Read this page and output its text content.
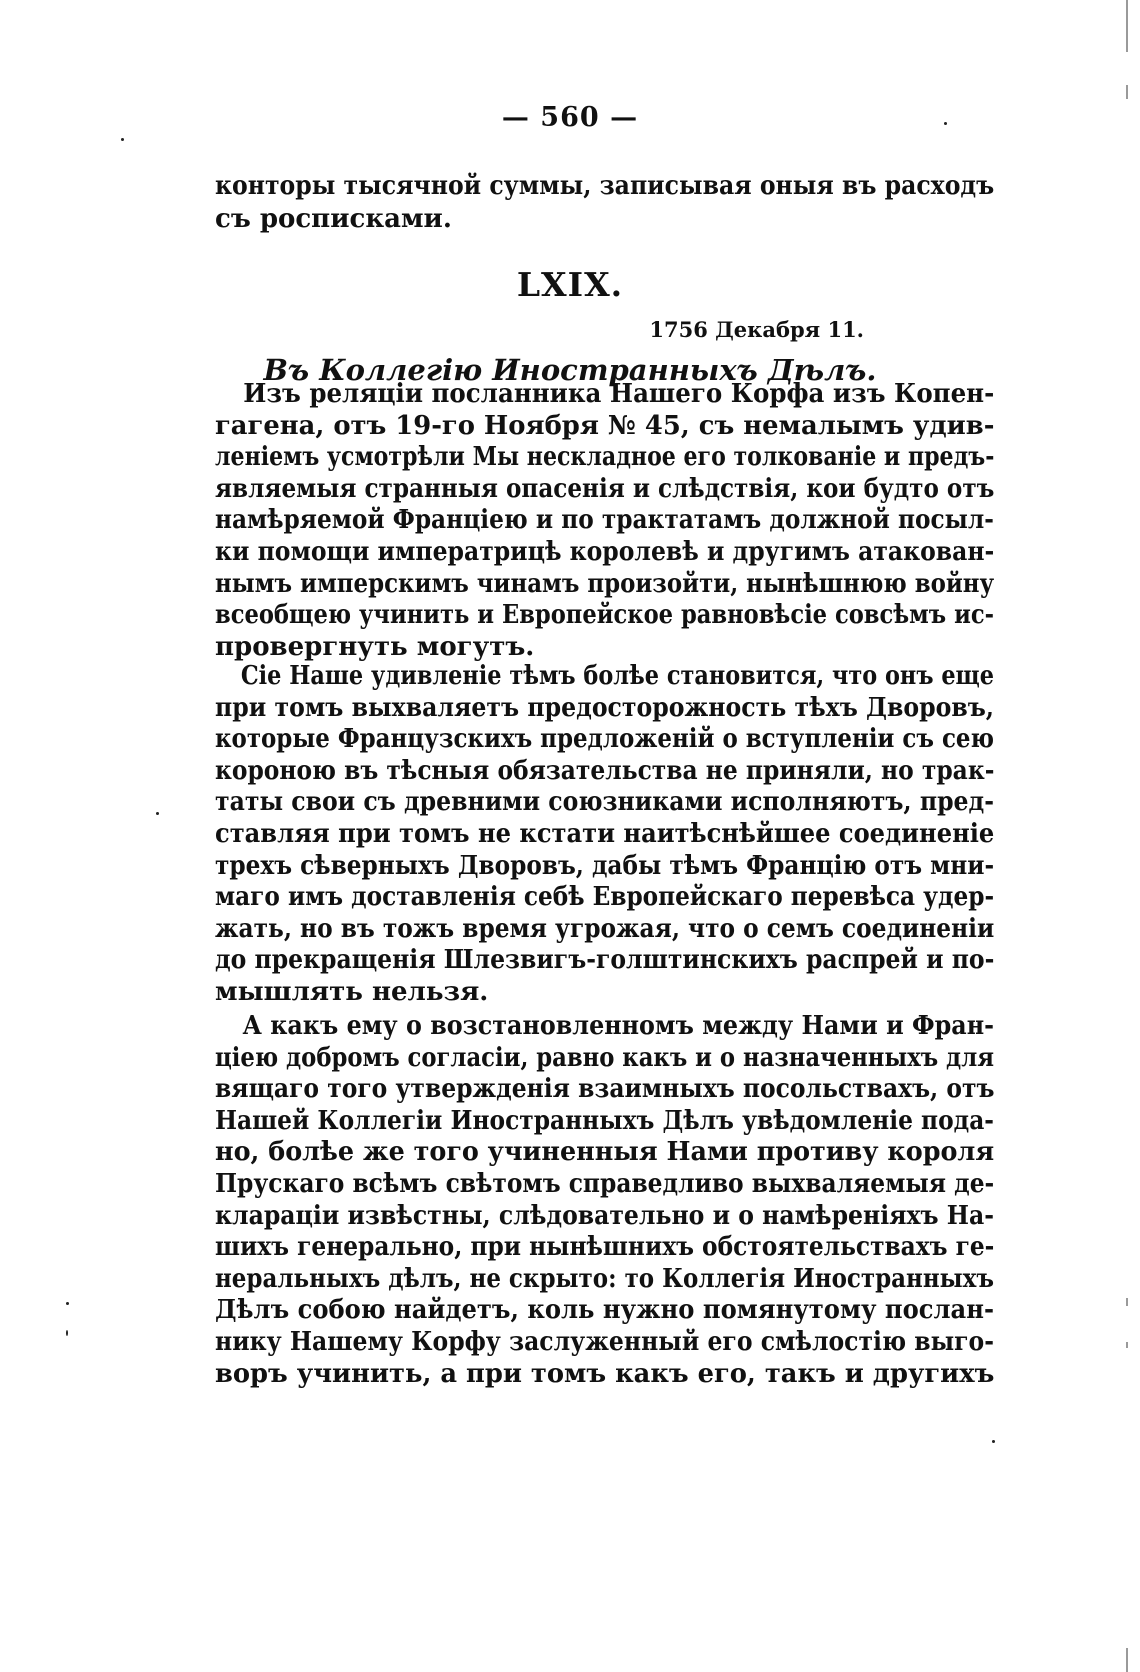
— 560 —
конторы тысячной суммы, записывая оныя въ расходъ
съ росписками.
LXIX.
1756 Декабря 11.
Въ Коллегію Иностранныхъ Дѣлъ.
Изъ реляціи посланника Нашего Корфа изъ Копен-
гагена, отъ 19-го Ноября № 45, съ немалымъ удив-
леніемъ усмотрѣли Мы нескладное его толкованіе и предъ-
являемыя странныя опасенія и слѣдствія, кои будто отъ
намѣряемой Франціею и по трактатамъ должной посыл-
ки помощи императрицѣ королевѣ и другимъ атакован-
нымъ имперскимъ чинамъ произойти, нынѣшнюю войну
всеобщею учинить и Европейское равновѣсіе совсѣмъ ис-
провергнуть могутъ.
Сіе Наше удивленіе тѣмъ болѣе становится, что онъ еще
при томъ выхваляетъ предосторожность тѣхъ Дворовъ,
которые Французскихъ предложеній о вступленіи съ сею
короною въ тѣсныя обязательства не приняли, но трак-
таты свои съ древними союзниками исполняютъ, пред-
ставляя при томъ не кстати наитѣснѣйшее соединеніе
трехъ сѣверныхъ Дворовъ, дабы тѣмъ Францію отъ мни-
маго имъ доставленія себѣ Европейскаго перевѣса удер-
жать, но въ тожъ время угрожая, что о семъ соединеніи
до прекращенія Шлезвигъ-голштинскихъ распрей и по-
мышлять нельзя.
А какъ ему о возстановленномъ между Нами и Фран-
ціею добромъ согласіи, равно какъ и о назначенныхъ для
вящаго того утвержденія взаимныхъ посольствахъ, отъ
Нашей Коллегіи Иностранныхъ Дѣлъ увѣдомленіе пода-
но, болѣе же того учиненныя Нами противу короля
Прускаго всѣмъ свѣтомъ справедливо выхваляемыя де-
клараціи извѣстны, слѣдовательно и о намѣреніяхъ На-
шихъ генерально, при нынѣшнихъ обстоятельствахъ ге-
неральныхъ дѣлъ, не скрыто: то Коллегія Иностранныхъ
Дѣлъ собою найдетъ, коль нужно помянутому послан-
нику Нашему Корфу заслуженный его смѣлостію выго-
воръ учинить, а при томъ какъ его, такъ и другихъ
